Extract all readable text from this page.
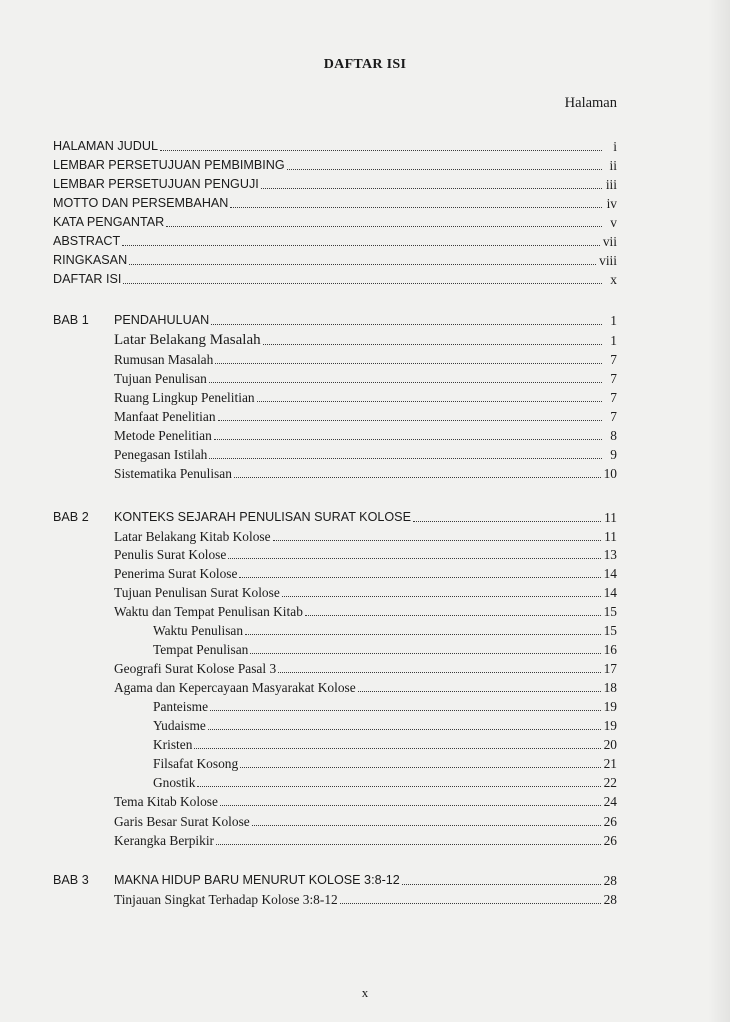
DAFTAR ISI
Halaman
HALAMAN JUDUL	i
LEMBAR PERSETUJUAN PEMBIMBING	ii
LEMBAR PERSETUJUAN PENGUJI	iii
MOTTO DAN PERSEMBAHAN	iv
KATA PENGANTAR	v
ABSTRACT	vii
RINGKASAN	viii
DAFTAR ISI	x
BAB 1 PENDAHULUAN	1
Latar Belakang Masalah	1
Rumusan Masalah	7
Tujuan Penulisan	7
Ruang Lingkup Penelitian	7
Manfaat Penelitian	7
Metode Penelitian	8
Penegasan Istilah	9
Sistematika Penulisan	10
BAB 2 KONTEKS SEJARAH PENULISAN SURAT KOLOSE	11
Latar Belakang Kitab Kolose	11
Penulis Surat Kolose	13
Penerima Surat Kolose	14
Tujuan Penulisan Surat Kolose	14
Waktu dan Tempat Penulisan Kitab	15
Waktu Penulisan	15
Tempat Penulisan	16
Geografi Surat Kolose Pasal 3	17
Agama dan Kepercayaan Masyarakat Kolose	18
Panteisme	19
Yudaisme	19
Kristen	20
Filsafat Kosong	21
Gnostik	22
Tema Kitab Kolose	24
Garis Besar Surat Kolose	26
Kerangka Berpikir	26
BAB 3 MAKNA HIDUP BARU MENURUT KOLOSE 3:8-12	28
Tinjauan Singkat Terhadap Kolose 3:8-12	28
x
